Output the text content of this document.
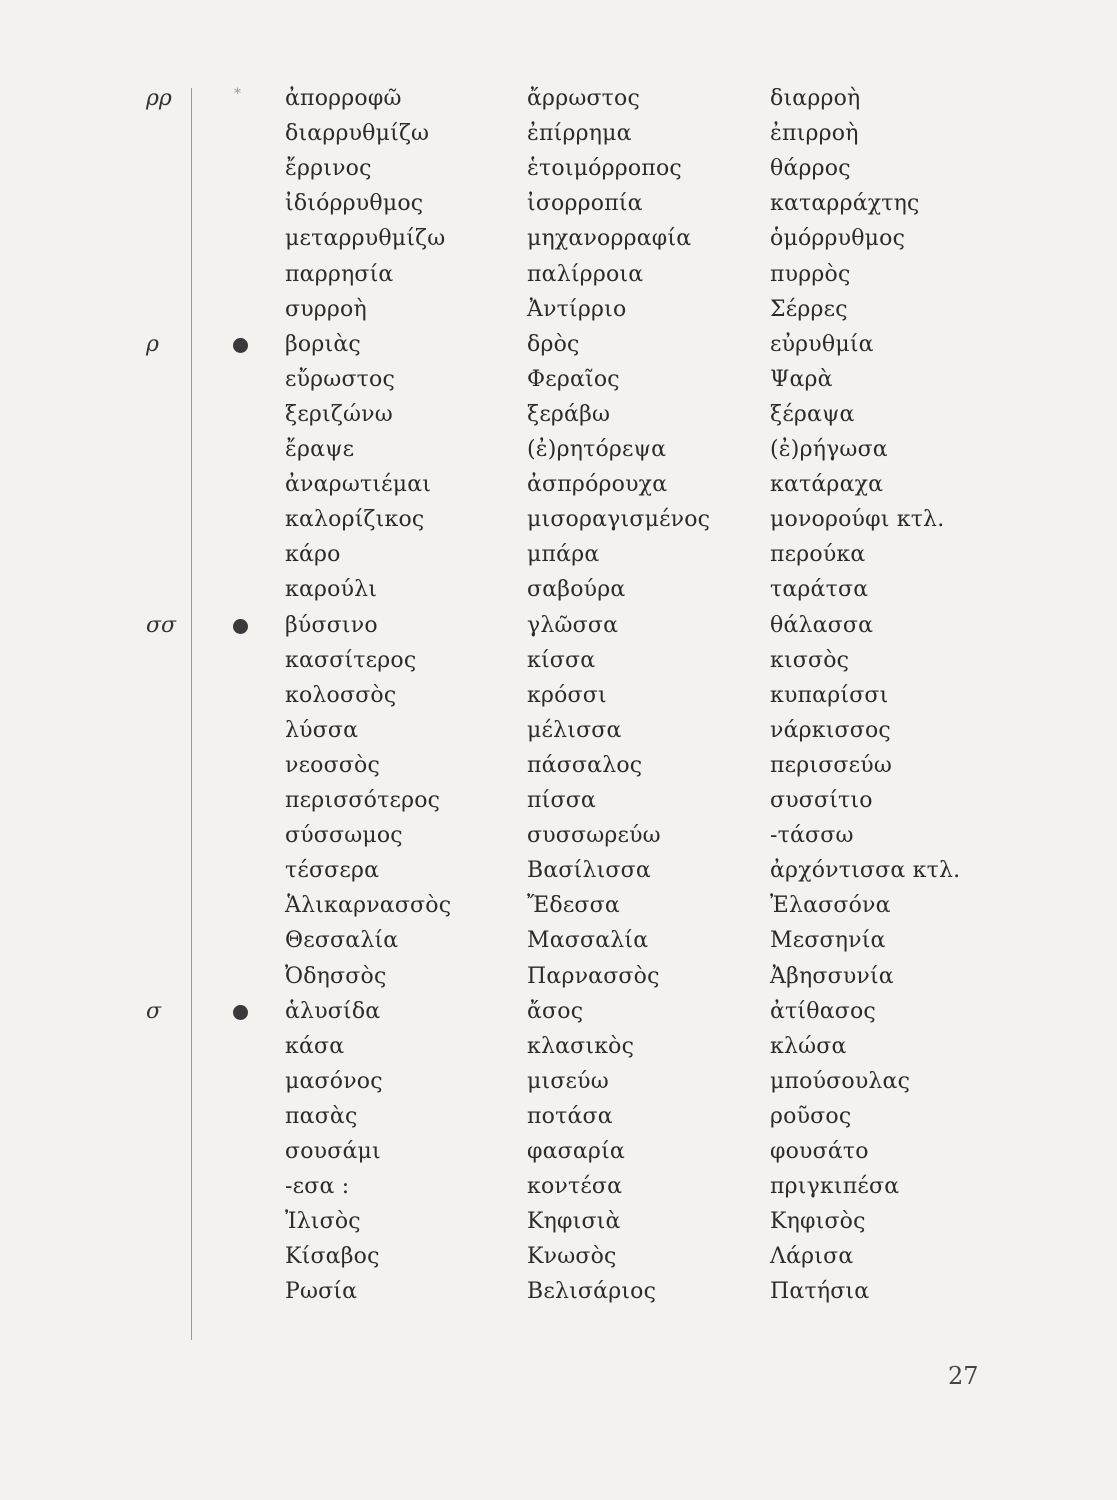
*
ρρ
ρ
σσ
σ
ἀπορροφῶ	ἄρρωστος	διαρροὴ
διαρρυθμίζω	ἐπίρρημα	ἐπιρροὴ
ἔρρινος	ἑτοιμόρροπος	θάρρος
ἰδιόρρυθμος	ἰσορροπία	καταρράχτης
μεταρρυθμίζω	μηχανορραφία	ὁμόρρυθμος
παρρησία	παλίρροια	πυρρὸς
συρροὴ	Ἀντίρριο	Σέρρες
βοριὰς	δρὸς	εὐρυθμία
εὔρωστος	Φεραῖος	Ψαρὰ
ξεριζώνω	ξεράβω	ξέραψα
ἔραψε	(ἐ)ρητόρεψα	(ἐ)ρήγωσα
ἀναρωτιέμαι	ἀσπρόρουχα	κατάραχα
καλορίζικος	μισοραγισμένος	μονορούφι κτλ.
κάρο	μπάρα	περούκα
καρούλι	σαβούρα	ταράτσα
βύσσινο	γλῶσσα	θάλασσα
κασσίτερος	κίσσα	κισσὸς
κολοσσὸς	κρόσσι	κυπαρίσσι
λύσσα	μέλισσα	νάρκισσος
νεοσσὸς	πάσσαλος	περισσεύω
περισσότερος	πίσσα	συσσίτιο
σύσσωμος	συσσωρεύω	-τάσσω
τέσσερα	Βασίλισσα	ἀρχόντισσα κτλ.
Ἁλικαρνασσὸς	Ἔδεσσα	Ἐλασσόνα
Θεσσαλία	Μασσαλία	Μεσσηνία
Ὀδησσὸς	Παρνασσὸς	Ἀβησσυνία
ἁλυσίδα	ἄσος	ἀτίθασος
κάσα	κλασικὸς	κλώσα
μασόνος	μισεύω	μπούσουλας
πασὰς	ποτάσα	ροῦσος
σουσάμι	φασαρία	φουσάτο
-εσα :	κοντέσα	πριγκιπέσα
Ἰλισὸς	Κηφισιὰ	Κηφισὸς
Κίσαβος	Κνωσὸς	Λάρισα
Ρωσία	Βελισάριος	Πατήσια
27
